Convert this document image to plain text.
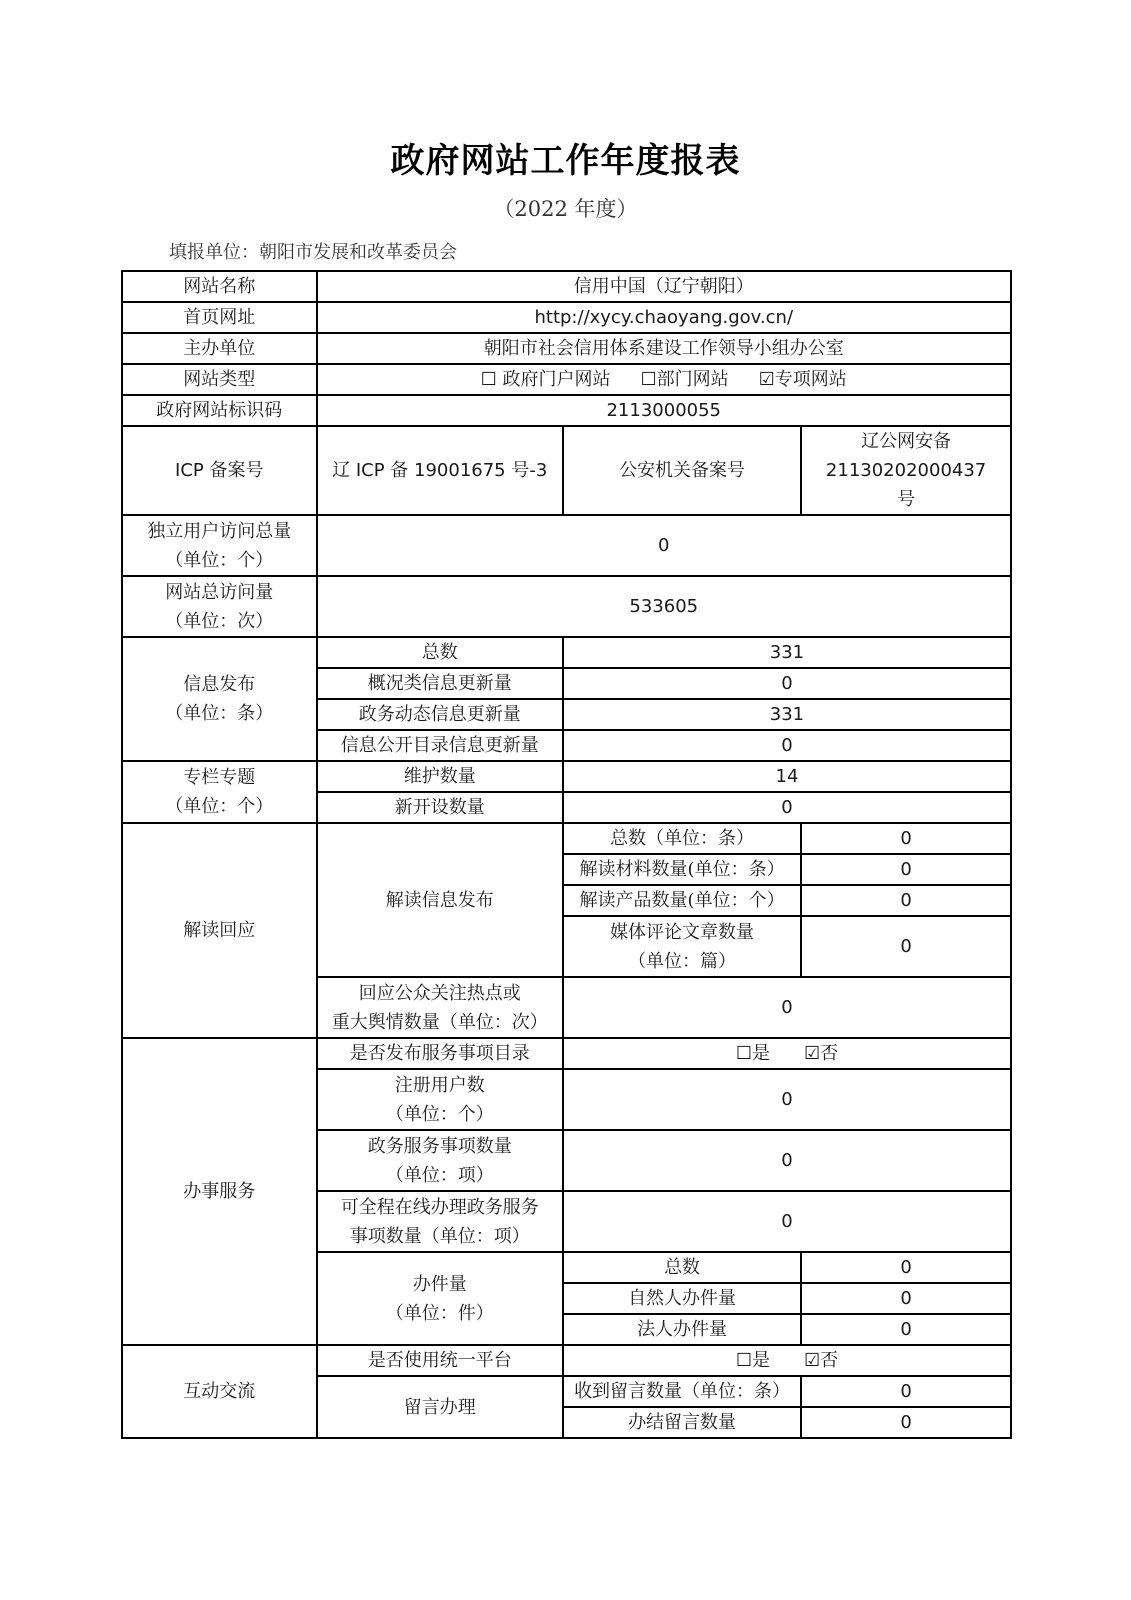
政府网站工作年度报表
（2022 年度）
填报单位：朝阳市发展和改革委员会
网站名称	信用中国（辽宁朝阳）		
首页网址	http://xycy.chaoyang.gov.cn/		
主办单位	朝阳市社会信用体系建设工作领导小组办公室		
网站类型	☐ 政府门户网站 ☐部门网站 ☑专项网站		
政府网站标识码	2113000055		
ICP 备案号	辽 ICP 备 19001675 号-3	公安机关备案号	辽公网安备
21130202000437
号

独立用户访问总量
（单位：个）	0		

网站总访问量
（单位：次）	533605		

信息发布
（单位：条）	总数	331	
	概况类信息更新量	0	
	政务动态信息更新量	331	
	信息公开目录信息更新量	0	

专栏专题
（单位：个）	维护数量	14	
	新开设数量	0	
解读回应	解读信息发布	总数（单位：条）	0
		解读材料数量(单位：条）	0
		解读产品数量(单位：个）	0

		媒体评论文章数量
（单位：篇）	0

	回应公众关注热点或
重大舆情数量（单位：次）	0	
办事服务	是否发布服务事项目录	☐是 ☑否	

	注册用户数
（单位：个）	0	

	政务服务事项数量
（单位：项）	0	

	可全程在线办理政务服务
事项数量（单位：项）	0	

	办件量
（单位：件）	总数	0
		自然人办件量	0
		法人办件量	0
互动交流	是否使用统一平台	☐是 ☑否	
	留言办理	收到留言数量（单位：条）	0
		办结留言数量	0
